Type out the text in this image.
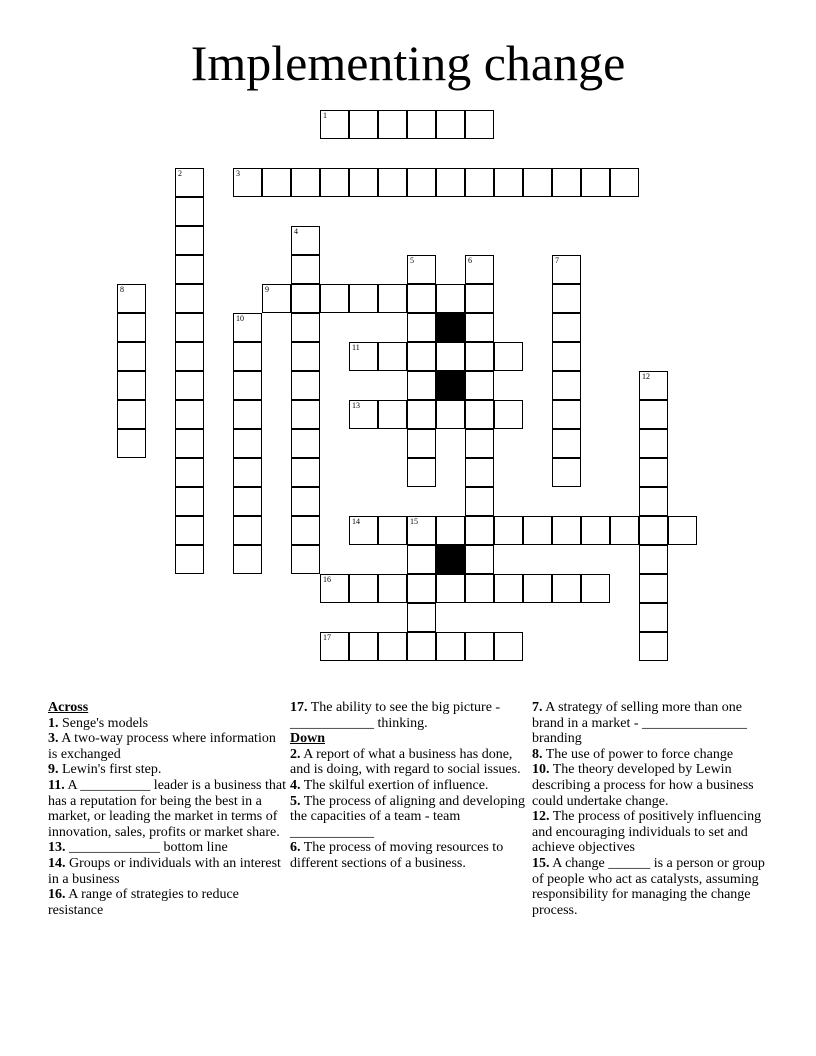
Implementing change
1
2	3
4
5	6	7
8	9
10
11
12
13
14	15
16
17
Across
1. Senge's models
3. A two-way process where information is exchanged
9. Lewin's first step.
11. A __________ leader is a business that has a reputation for being the best in a market, or leading the market in terms of innovation, sales, profits or market share.
13. _____________ bottom line
14. Groups or individuals with an interest in a business
16. A range of strategies to reduce resistance
17. The ability to see the big picture - ____________ thinking.
Down
2. A report of what a business has done, and is doing, with regard to social issues.
4. The skilful exertion of influence.
5. The process of aligning and developing the capacities of a team - team ____________
6. The process of moving resources to different sections of a business.
7. A strategy of selling more than one brand in a market - _______________ branding
8. The use of power to force change
10. The theory developed by Lewin describing a process for how a business could undertake change.
12. The process of positively influencing and encouraging individuals to set and achieve objectives
15. A change ______ is a person or group of people who act as catalysts, assuming responsibility for managing the change process.
